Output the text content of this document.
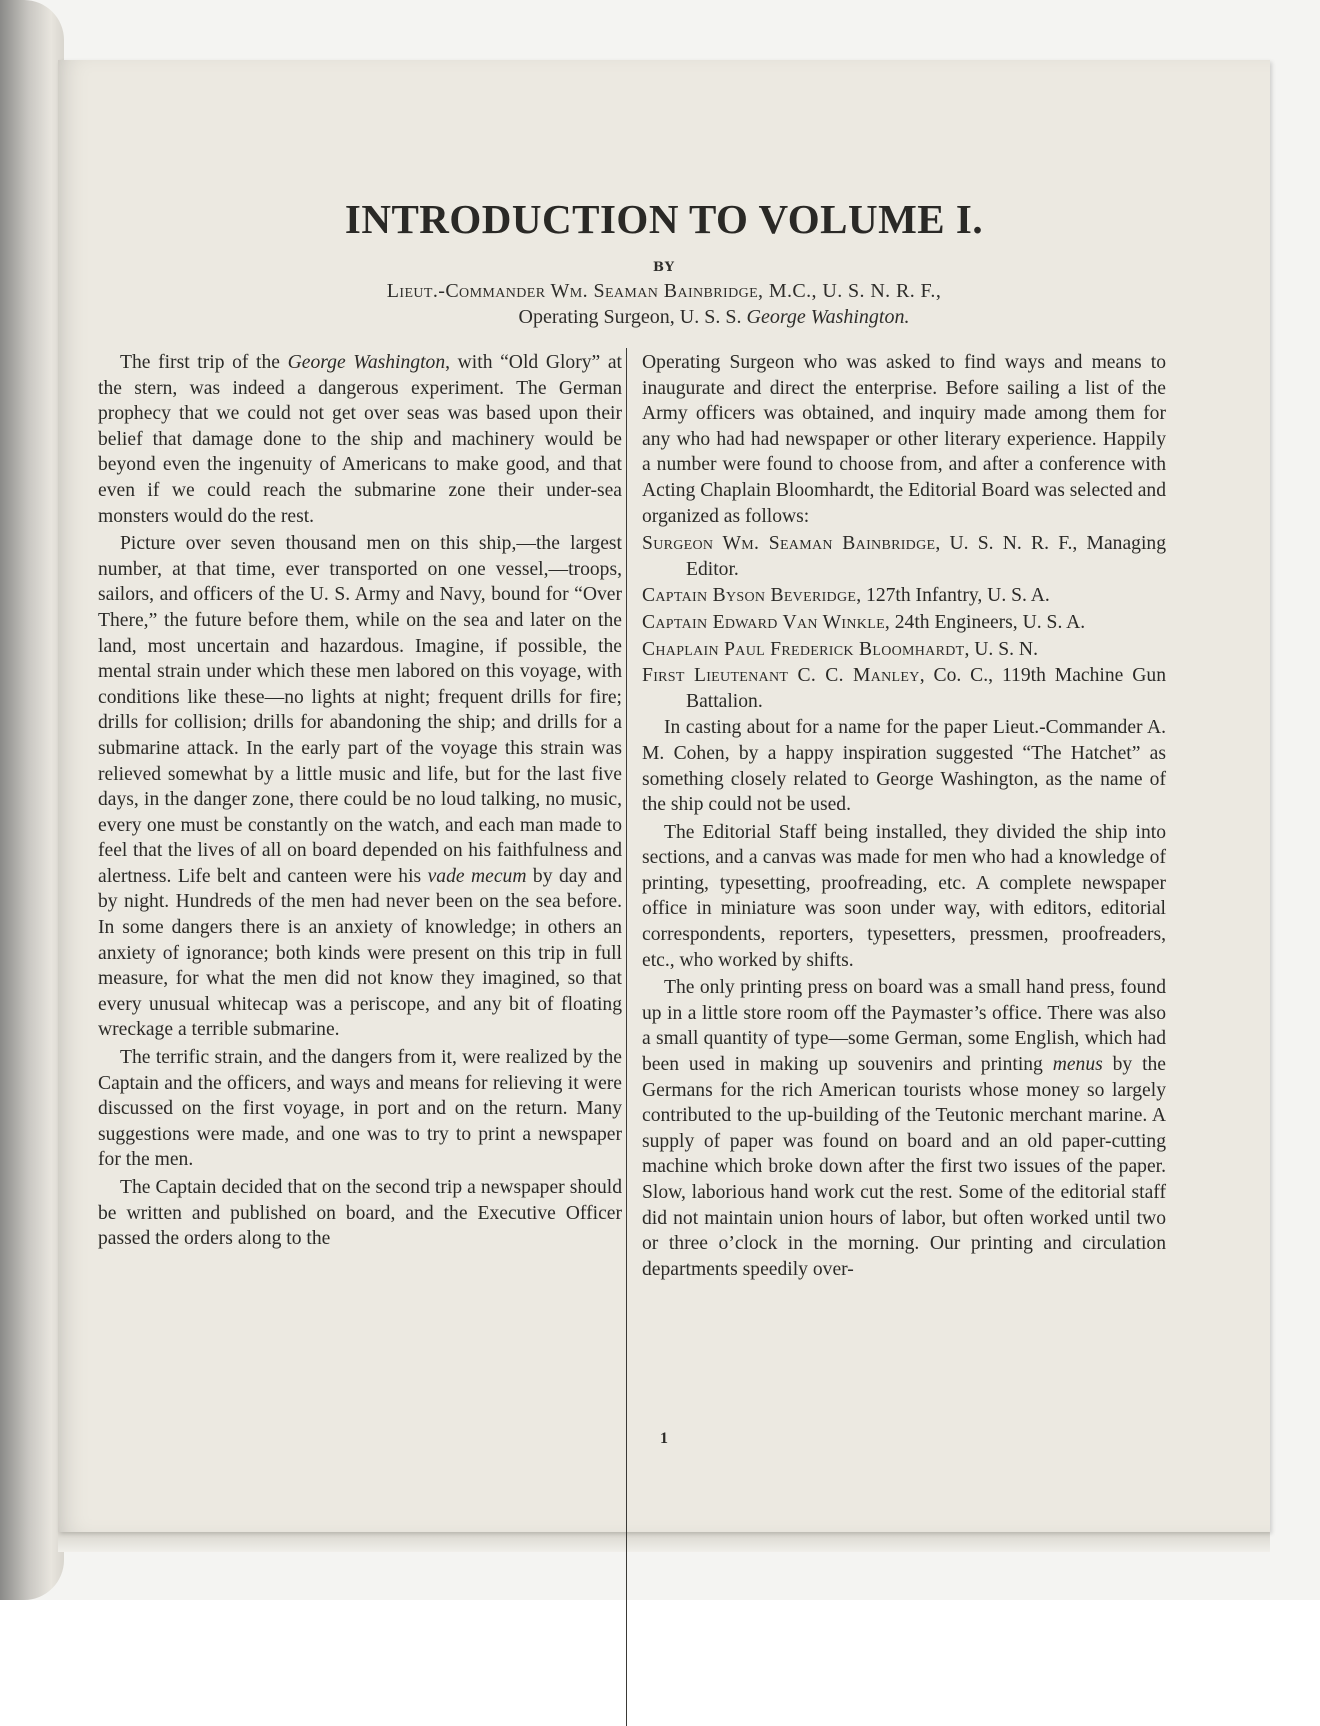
INTRODUCTION TO VOLUME I.
BY
Lieut.-Commander Wm. Seaman Bainbridge, M.C., U. S. N. R. F.,
Operating Surgeon, U. S. S. George Washington.

The first trip of the George Washington, with “Old Glory” at the stern, was indeed a dangerous experiment. The German prophecy that we could not get over seas was based upon their belief that damage done to the ship and machinery would be beyond even the ingenuity of Americans to make good, and that even if we could reach the submarine zone their under-sea monsters would do the rest.

Picture over seven thousand men on this ship,—the largest number, at that time, ever transported on one vessel,—troops, sailors, and officers of the U. S. Army and Navy, bound for “Over There,” the future before them, while on the sea and later on the land, most uncertain and hazardous. Imagine, if possible, the mental strain under which these men labored on this voyage, with conditions like these—no lights at night; frequent drills for fire; drills for collision; drills for abandoning the ship; and drills for a submarine attack. In the early part of the voyage this strain was relieved somewhat by a little music and life, but for the last five days, in the danger zone, there could be no loud talking, no music, every one must be constantly on the watch, and each man made to feel that the lives of all on board depended on his faithfulness and alertness. Life belt and canteen were his vade mecum by day and by night. Hundreds of the men had never been on the sea before. In some dangers there is an anxiety of knowledge; in others an anxiety of ignorance; both kinds were present on this trip in full measure, for what the men did not know they imagined, so that every unusual whitecap was a periscope, and any bit of floating wreckage a terrible submarine.

The terrific strain, and the dangers from it, were realized by the Captain and the officers, and ways and means for relieving it were discussed on the first voyage, in port and on the return. Many suggestions were made, and one was to try to print a newspaper for the men.

The Captain decided that on the second trip a newspaper should be written and published on board, and the Executive Officer passed the orders along to the

Operating Surgeon who was asked to find ways and means to inaugurate and direct the enterprise. Before sailing a list of the Army officers was obtained, and inquiry made among them for any who had had newspaper or other literary experience. Happily a number were found to choose from, and after a conference with Acting Chaplain Bloomhardt, the Editorial Board was selected and organized as follows:

Surgeon Wm. Seaman Bainbridge, U. S. N. R. F., Managing Editor.
Captain Byson Beveridge, 127th Infantry, U. S. A.
Captain Edward Van Winkle, 24th Engineers, U. S. A.
Chaplain Paul Frederick Bloomhardt, U. S. N.
First Lieutenant C. C. Manley, Co. C., 119th Machine Gun Battalion.

In casting about for a name for the paper Lieut.-Commander A. M. Cohen, by a happy inspiration suggested “The Hatchet” as something closely related to George Washington, as the name of the ship could not be used.

The Editorial Staff being installed, they divided the ship into sections, and a canvas was made for men who had a knowledge of printing, typesetting, proofreading, etc. A complete newspaper office in miniature was soon under way, with editors, editorial correspondents, reporters, typesetters, pressmen, proofreaders, etc., who worked by shifts.

The only printing press on board was a small hand press, found up in a little store room off the Paymaster’s office. There was also a small quantity of type—some German, some English, which had been used in making up souvenirs and printing menus by the Germans for the rich American tourists whose money so largely contributed to the up-building of the Teutonic merchant marine. A supply of paper was found on board and an old paper-cutting machine which broke down after the first two issues of the paper. Slow, laborious hand work cut the rest. Some of the editorial staff did not maintain union hours of labor, but often worked until two or three o’clock in the morning. Our printing and circulation departments speedily over-

1
